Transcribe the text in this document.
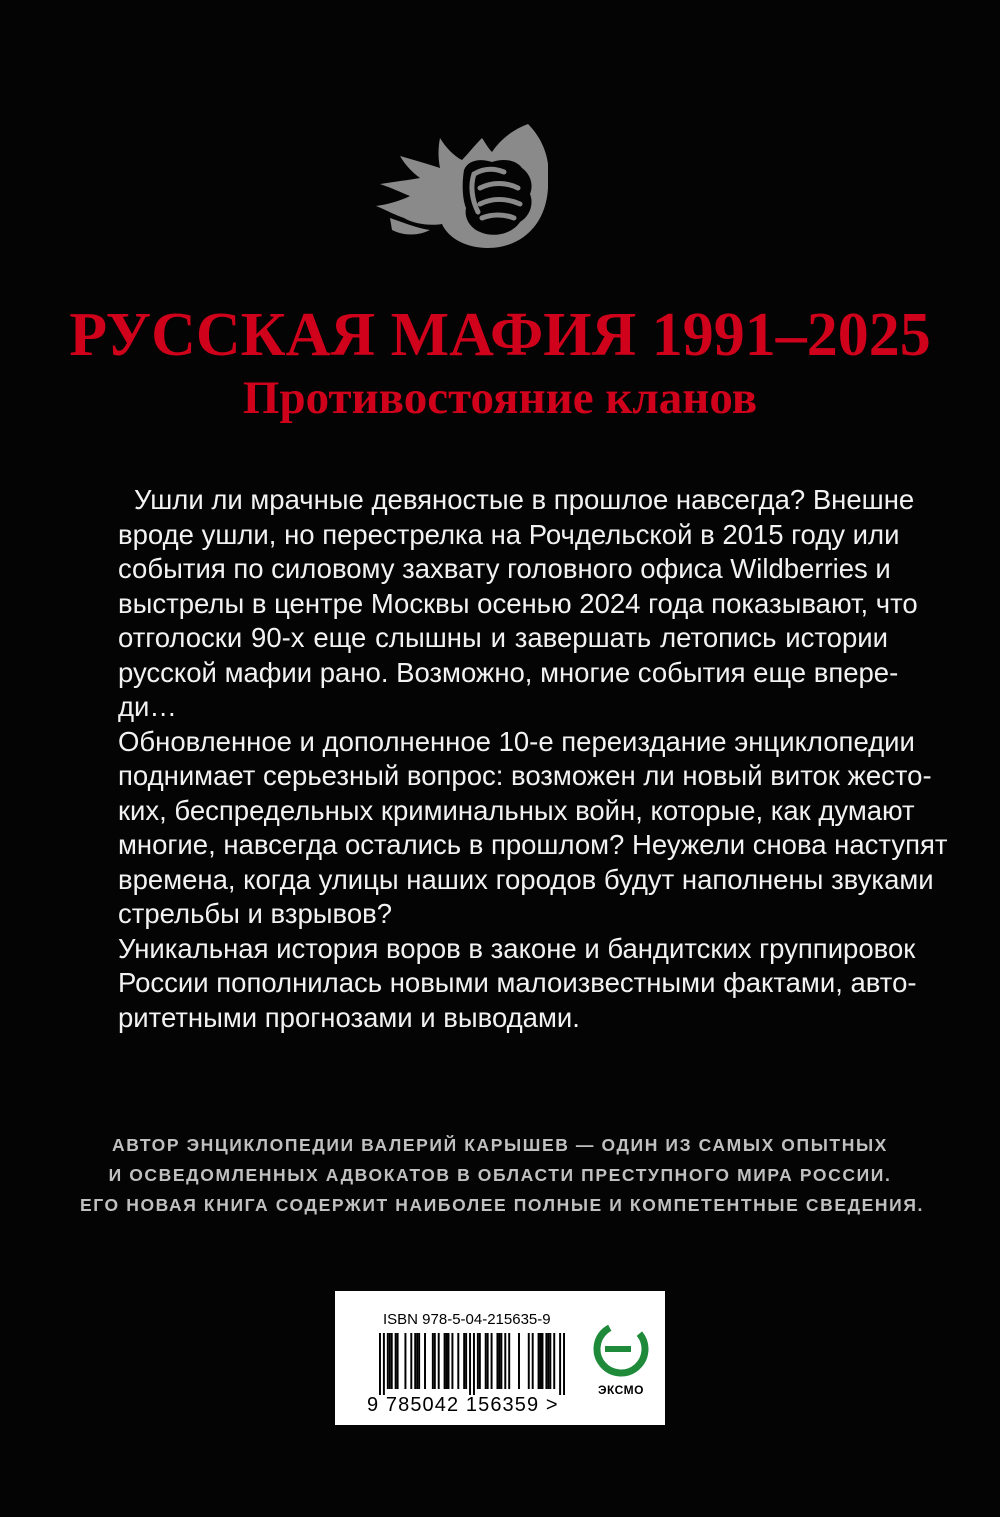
РУССКАЯ МАФИЯ 1991–2025
Противостояние кланов

Ушли ли мрачные девяностые в прошлое навсегда? Внешне
вроде ушли, но перестрелка на Рочдельской в 2015 году или
события по силовому захвату головного офиса Wildberries и
выстрелы в центре Москвы осенью 2024 года показывают, что
отголоски 90-х еще слышны и завершать летопись истории
русской мафии рано. Возможно, многие события еще впере-
ди…

Обновленное и дополненное 10-е переиздание энциклопедии
поднимает серьезный вопрос: возможен ли новый виток жесто-
ких, беспредельных криминальных войн, которые, как думают
многие, навсегда остались в прошлом? Неужели снова наступят
времена, когда улицы наших городов будут наполнены звуками
стрельбы и взрывов?

Уникальная история воров в законе и бандитских группировок
России пополнилась новыми малоизвестными фактами, авто-
ритетными прогнозами и выводами.

АВТОР ЭНЦИКЛОПЕДИИ ВАЛЕРИЙ КАРЫШЕВ — ОДИН ИЗ САМЫХ ОПЫТНЫХ
И ОСВЕДОМЛЕННЫХ АДВОКАТОВ В ОБЛАСТИ ПРЕСТУПНОГО МИРА РОССИИ.
ЕГО НОВАЯ КНИГА СОДЕРЖИТ НАИБОЛЕЕ ПОЛНЫЕ И КОМПЕТЕНТНЫЕ СВЕДЕНИЯ.
ISBN 978-5-04-215635-9
9 785042 156359 >
ЭКСМО
